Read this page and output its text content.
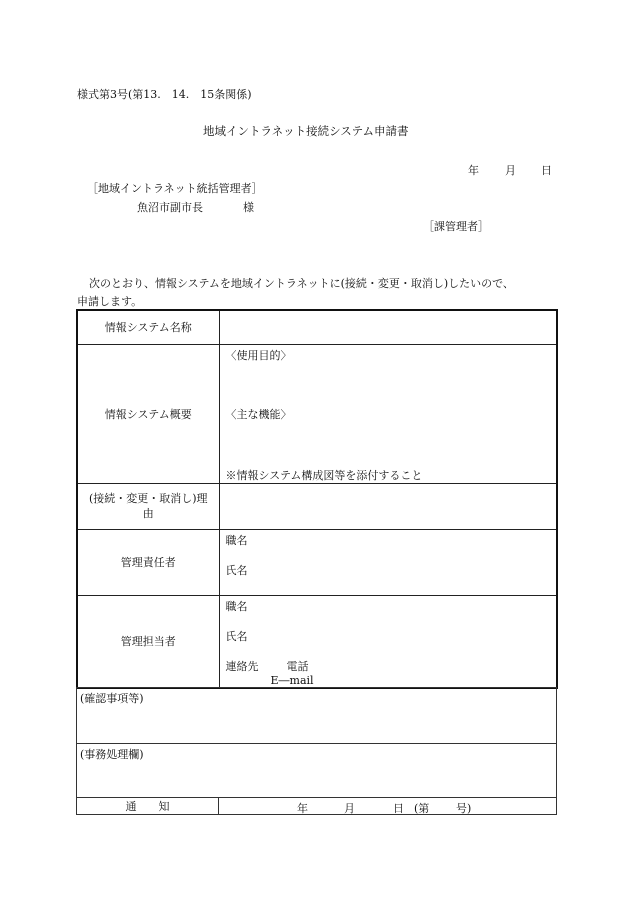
様式第3号(第13.　14.　15条関係)
地域イントラネット接続システム申請書
年 月 日
［地域イントラネット統括管理者］
魚沼市副市長	様
［課管理者］
次のとおり、情報システムを地域イントラネットに(接続・変更・取消し)したいので、
申請します。
情報システム名称	
情報システム概要	〈使用目的〉
〈主な機能〉
※情報システム構成図等を添付すること

(接続・変更・取消し)理
由	
管理責任者	職名
氏名

管理担当者	職名
氏名
連絡先 電話
E―mail
(確認事項等)

(事務処理欄)

通　　知	年	月	日 (第 号)
